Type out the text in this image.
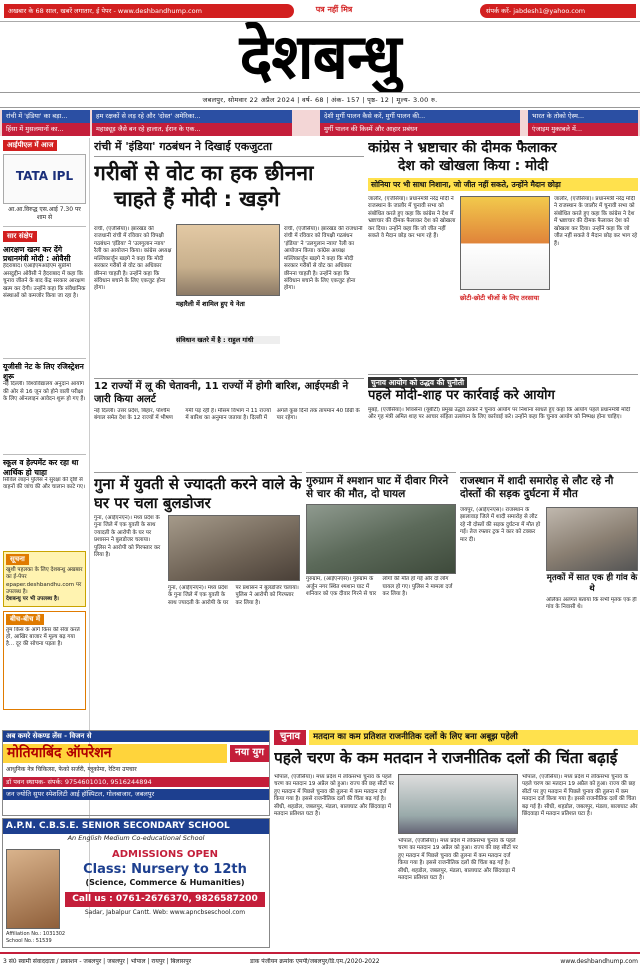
अखबार के 68 साल, खबरें लगातार, ई पेपर - www.deshbandhump.com	पत्र नहीं मित्र	संपर्क करें- jabdesh1@yahoo.com
देशबन्धु
जबलपुर, सोमवार 22 अप्रैल 2024 | वर्ष- 68 | अंक- 157 | पृष्ठ- 12 | मूल्य- 3.00 रु.
रांची में 'इंडिया' का बड़ा...	हम रक्षकों से लड़ रहे और 'दोस्त' अमेरिका...	देशी मुर्गी पालन कैसे करें, मुर्गी पालन की...	भारत के तोको ऐस्म...
हिंसा में मुसलमानों का...	महाड्यूड़ जैसे बन रहे हालात, ईरान के एक...	मुर्गी पालन की किस्में और आहार प्रबंधन	एंजाइम मुकाबले में...
आईपीएल में आज
TATA IPL
आ.आ.विरुद्ध एस.आई 7.30 पर शाम से
सार संक्षेप
आरक्षण खत्म कर देंगे प्रधानमंत्री मोदी : ओवैसी
हैदराबाद। एआईएमआईएम सुप्रीमो असदुद्दीन ओवैसी ने हैदराबाद में कहा कि चुनाव जीतने के बाद केंद्र सरकार आरक्षण खत्म कर देगी। उन्होंने कहा कि संवैधानिक संस्थाओं को कमजोर किया जा रहा है।
यूजीसी नेट के लिए रजिस्ट्रेशन शुरू
नई दिल्ली। विश्वविद्यालय अनुदान आयोग की ओर से 16 जून को होने वाली परीक्षा के लिए ऑनलाइन आवेदन शुरू हो गए हैं।
स्कूल व हेल्पमेंट कर रहा था आर्थिक हो चाहा
सिविल लाइन पुलिस ने सुरक्षा की दृष्टि से वाहनों की जांच की और चालान काटे गए।
सूचना
खुशी पहलका के लिए देशबन्धु अखबार का ई-पेपर epaper.deshbandhu.com पर उपलब्ध है।
देशबन्धु पर भी उपलब्ध है।
बीच-बीच में
तुम किस के आगे किस की सेवा करते हो, आखिर बाजार में मूल्य बढ़ गया है... दूर की सोचना पड़ता है।
रांची में 'इंडिया' गठबंधन ने दिखाई एकजुटता
गरीबों से वोट का हक छीनना
चाहते हैं मोदी : खड़गे
रांची, (एजेंसियां)। झारखंड की राजधानी रांची में रविवार को विपक्षी गठबंधन 'इंडिया' ने 'उलगुलान न्याय' रैली का आयोजन किया। कांग्रेस अध्यक्ष मल्लिकार्जुन खड़गे ने कहा कि मोदी सरकार गरीबों से वोट का अधिकार छीनना चाहती है। उन्होंने कहा कि संविधान बचाने के लिए एकजुट होना होगा।
महारैली में शामिल हुए ये नेता
संविधान खतरे में है : राहुल गांधी
रांची, (एजेंसियां)। झारखंड की राजधानी रांची में रविवार को विपक्षी गठबंधन 'इंडिया' ने 'उलगुलान न्याय' रैली का आयोजन किया। कांग्रेस अध्यक्ष मल्लिकार्जुन खड़गे ने कहा कि मोदी सरकार गरीबों से वोट का अधिकार छीनना चाहती है। उन्होंने कहा कि संविधान बचाने के लिए एकजुट होना होगा।
कांग्रेस ने भ्रष्टाचार की दीमक फैलाकर
देश को खोखला किया : मोदी
सोनिया पर भी साधा निशाना, जो जीत नहीं सकते, उन्होंने मैदान छोड़ा
जालौर, (एजेंसियां)। प्रधानमंत्री नरेंद्र मोदी ने राजस्थान के जालौर में चुनावी सभा को संबोधित करते हुए कहा कि कांग्रेस ने देश में भ्रष्टाचार की दीमक फैलाकर देश को खोखला कर दिया। उन्होंने कहा कि जो जीत नहीं सकते वे मैदान छोड़ कर भाग रहे हैं।
छोटी-छोटी चीजों के लिए तरसाया
जालौर, (एजेंसियां)। प्रधानमंत्री नरेंद्र मोदी ने राजस्थान के जालौर में चुनावी सभा को संबोधित करते हुए कहा कि कांग्रेस ने देश में भ्रष्टाचार की दीमक फैलाकर देश को खोखला कर दिया। उन्होंने कहा कि जो जीत नहीं सकते वे मैदान छोड़ कर भाग रहे हैं।
12 राज्यों में लू की चेतावनी, 11 राज्यों में होगी बारिश, आईएमडी ने जारी किया अलर्ट
नई दिल्ली। उत्तर प्रदेश, बिहार, पश्चिम बंगाल समेत देश के 12 राज्यों में भीषण गर्मी पड़ रही है। मौसम विभाग ने 11 राज्यों में बारिश का अनुमान जताया है। दिल्ली में अगले कुछ दिनों तक तापमान 40 डिग्री के पार रहेगा।
चुनाव आयोग को उद्धव की चुनौती
पहले मोदी-शाह पर कार्रवाई करे आयोग
मुंबई, (एजेंसियां)। शिवसेना (यूबीटी) प्रमुख उद्धव ठाकरे ने चुनाव आयोग पर निशाना साधते हुए कहा कि आयोग पहले प्रधानमंत्री मोदी और गृह मंत्री अमित शाह पर आचार संहिता उल्लंघन के लिए कार्रवाई करे। उन्होंने कहा कि चुनाव आयोग को निष्पक्ष होना चाहिए।
गुना में युवती से ज्यादती करने वाले के घर पर चला बुलडोजर
गुना, (आईएनएन)। मध्य प्रदेश के गुना जिले में एक युवती के साथ ज्यादती के आरोपी के घर पर प्रशासन ने बुलडोजर चलाया। पुलिस ने आरोपी को गिरफ्तार कर लिया है।
गुना, (आईएनएन)। मध्य प्रदेश के गुना जिले में एक युवती के साथ ज्यादती के आरोपी के घर पर प्रशासन ने बुलडोजर चलाया। पुलिस ने आरोपी को गिरफ्तार कर लिया है।
गुरुग्राम में श्मशान घाट में दीवार गिरने से चार की मौत, दो घायल
गुरुग्राम, (आईएनएस)। गुरुग्राम के अर्जुन नगर स्थित श्मशान घाट में शनिवार को एक दीवार गिरने से चार लोगों की मौत हो गई और दो लोग घायल हो गए। पुलिस ने मामला दर्ज कर लिया है।
राजस्थान में शादी समारोह से लौट रहे नौ दोस्तों की सड़क दुर्घटना में मौत
जयपुर, (आईएनएस)। राजस्थान के झालावाड़ जिले में शादी समारोह से लौट रहे नौ दोस्तों की सड़क दुर्घटना में मौत हो गई। तेज रफ्तार ट्रक ने कार को टक्कर मार दी।
मृतकों में सात एक ही गांव के थे
अलिका अलगत बताया कि सभी मृतक एक ही गांव के निवासी थे।
अब कमरे सेकण्ड लेंस - विजन से
मोतियाबिंद ऑपरेशन	नया युग
आधुनिक नेत्र चिकित्सा, फेको सर्जरी, ग्लूकोमा, रेटिना उपचार
डॉ पवन स्थापक- संपर्क: 9754601010, 9516244894
जन ज्योति सुपर स्पेशलिटी आई हॉस्पिटल, गोलबाजार, जबलपुर
A.P.N. C.B.S.E. SENIOR SECONDARY SCHOOL
An English Medium Co-educational School
Affiliation No.: 1031302 School No.: 51539
ADMISSIONS OPEN
Class: Nursery to 12th
(Science, Commerce & Humanities)
Call us : 0761-2676370, 9826587200
Sadar, Jabalpur Cantt. Web: www.apncbseschool.com
चुनाव	मतदान का कम प्रतिशत राजनीतिक दलों के लिए बना अबूझ पहेली
पहले चरण के कम मतदान ने राजनीतिक दलों की चिंता बढ़ाई
भोपाल, (एजेंसियां)। मध्य प्रदेश में लोकसभा चुनाव के पहले चरण का मतदान 19 अप्रैल को हुआ। राज्य की छह सीटों पर हुए मतदान में पिछले चुनाव की तुलना में कम मतदान दर्ज किया गया है। इससे राजनीतिक दलों की चिंता बढ़ गई है। सीधी, शहडोल, जबलपुर, मंडला, बालाघाट और छिंदवाड़ा में मतदान प्रतिशत घटा है।
भोपाल, (एजेंसियां)। मध्य प्रदेश में लोकसभा चुनाव के पहले चरण का मतदान 19 अप्रैल को हुआ। राज्य की छह सीटों पर हुए मतदान में पिछले चुनाव की तुलना में कम मतदान दर्ज किया गया है। इससे राजनीतिक दलों की चिंता बढ़ गई है। सीधी, शहडोल, जबलपुर, मंडला, बालाघाट और छिंदवाड़ा में मतदान प्रतिशत घटा है।
भोपाल, (एजेंसियां)। मध्य प्रदेश में लोकसभा चुनाव के पहले चरण का मतदान 19 अप्रैल को हुआ। राज्य की छह सीटों पर हुए मतदान में पिछले चुनाव की तुलना में कम मतदान दर्ज किया गया है। इससे राजनीतिक दलों की चिंता बढ़ गई है। सीधी, शहडोल, जबलपुर, मंडला, बालाघाट और छिंदवाड़ा में मतदान प्रतिशत घटा है।
3 सं0 स्वामी संवाददाता / प्रकाशन - जबलपुर | जबलपुर | भोपाल | रायपुर | बिलासपुर	डाक पंजीयन क्रमांक एमपी/जबलपुर/डि.एम./2020-2022	www.deshbandhump.com
